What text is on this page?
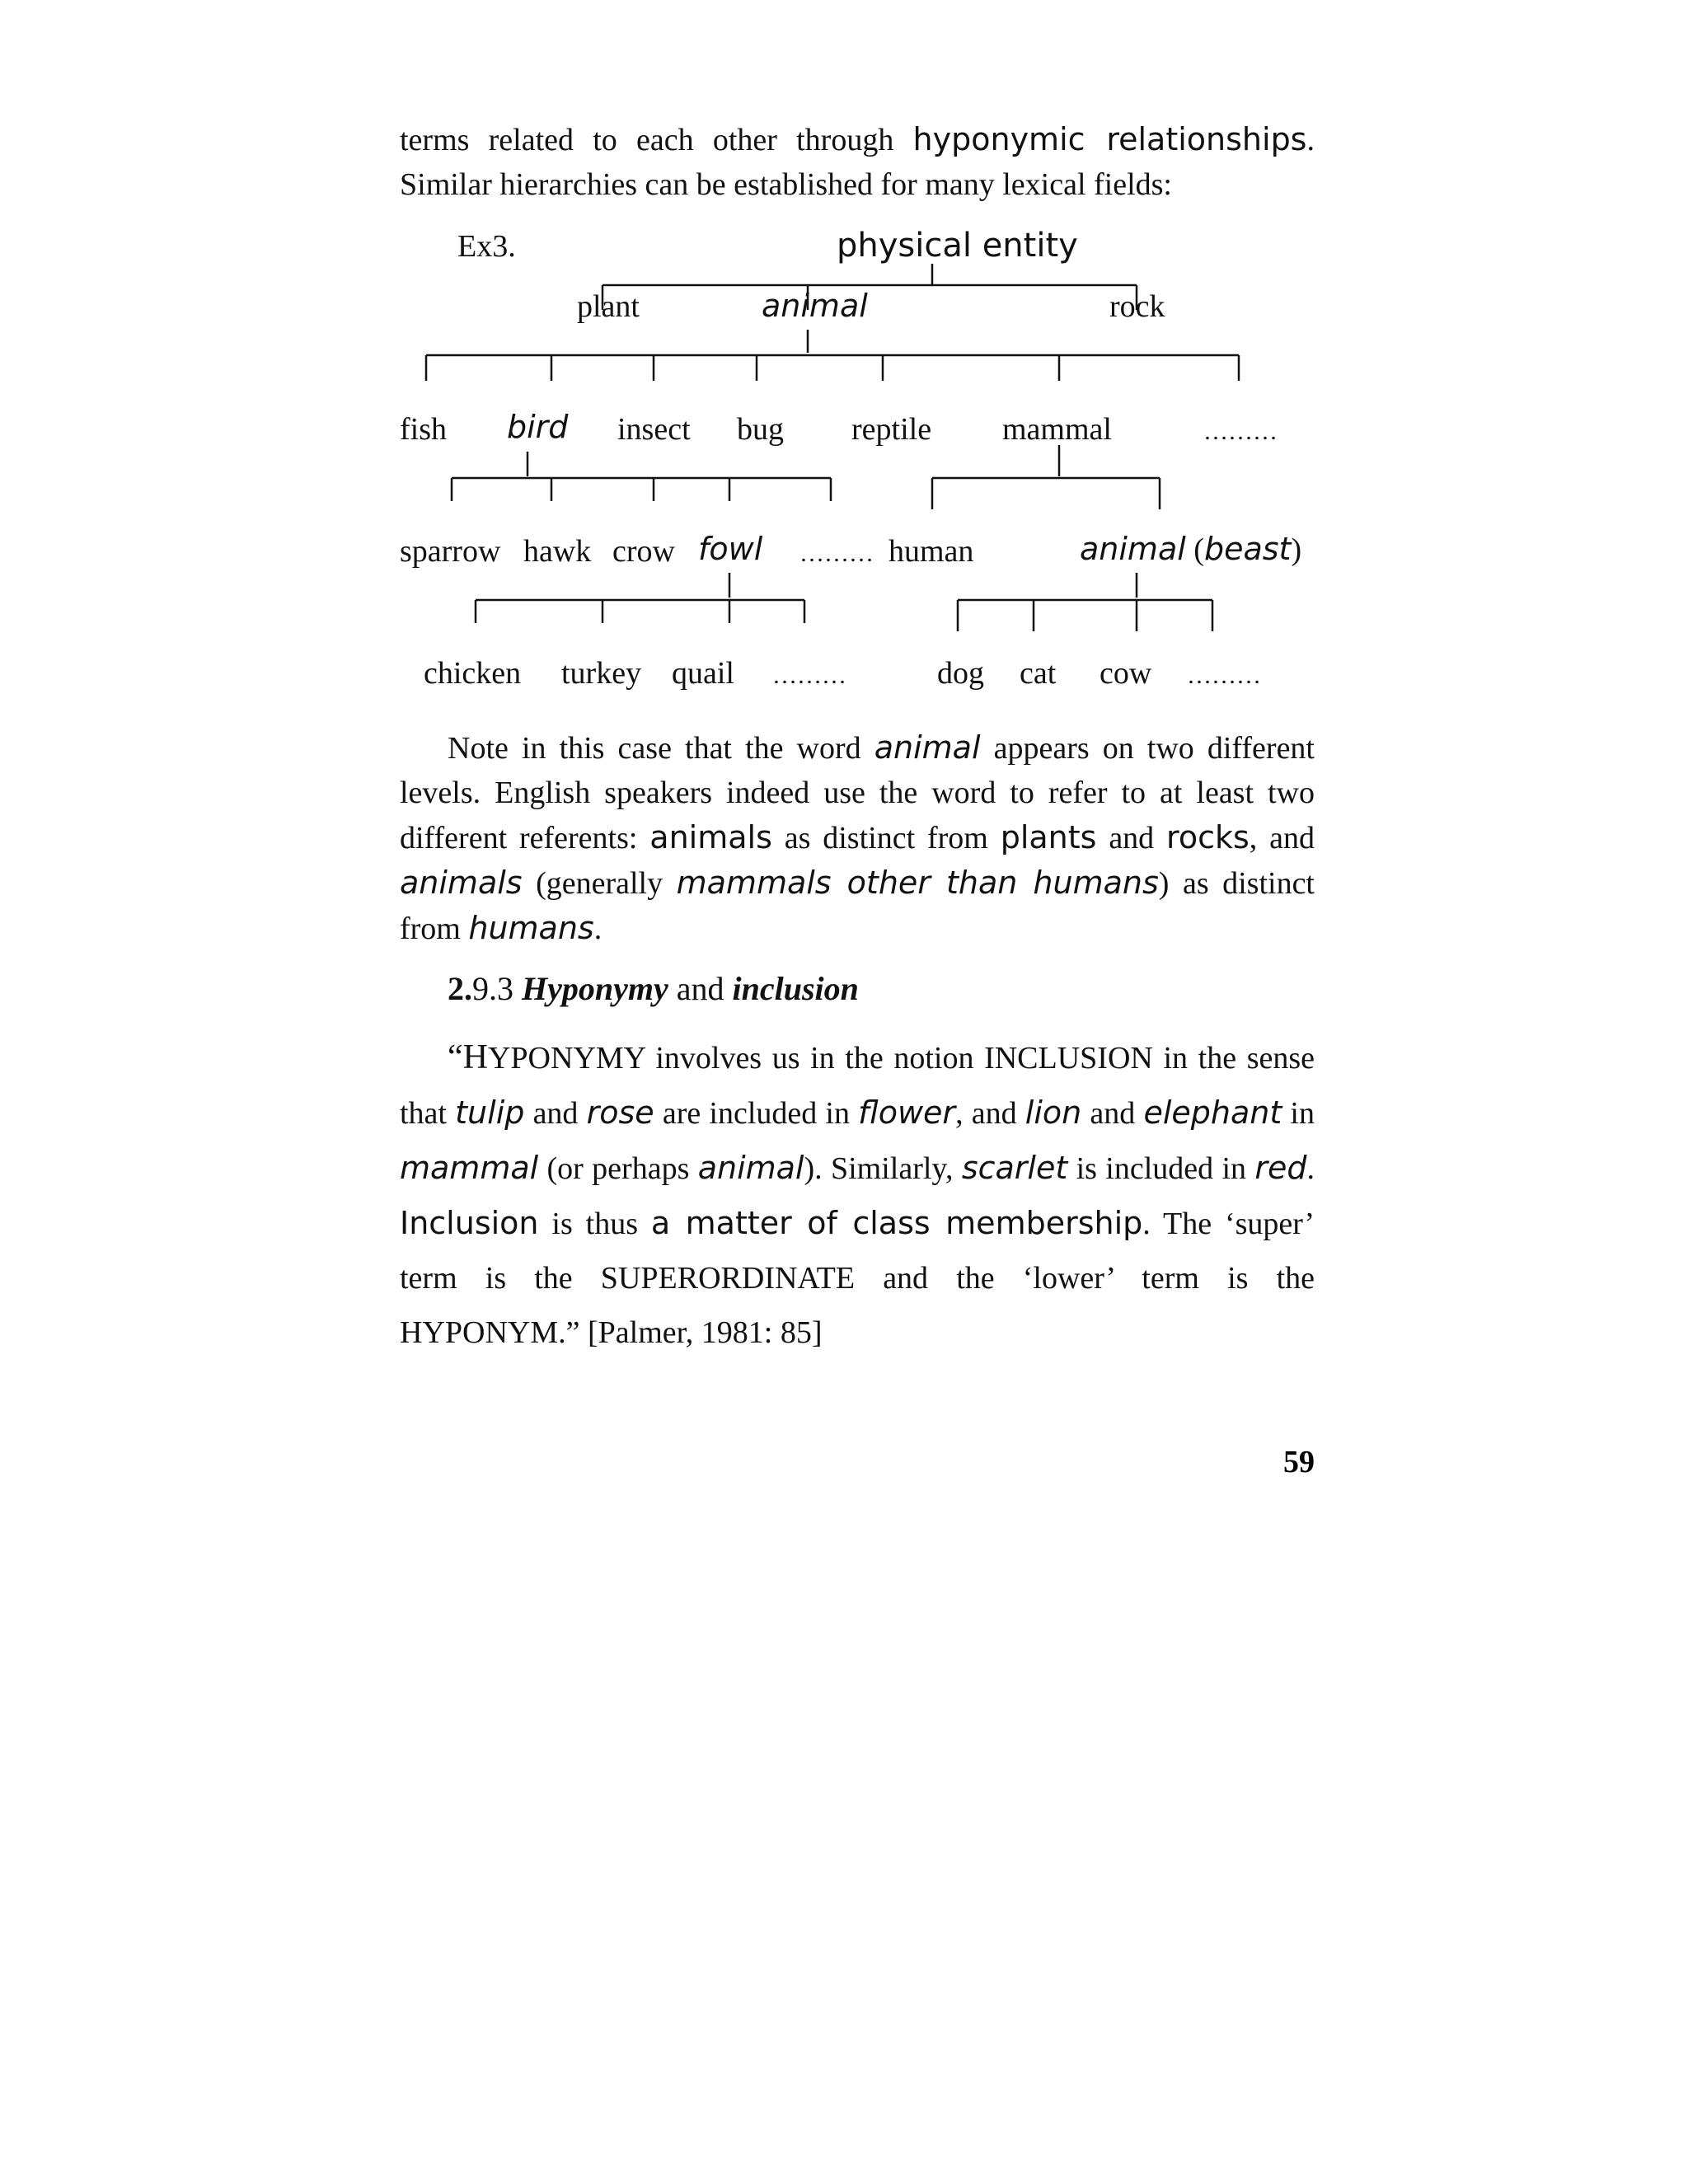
terms related to each other through hyponymic relationships. Similar hierarchies can be established for many lexical fields:
Ex3.	physical entity
plant	animal	rock
fish bird insect bug reptile mammal	………
sparrow hawk crow fowl ……… human	animal (beast)
chicken turkey quail ………	dog cat cow ………
Note in this case that the word animal appears on two different levels. English speakers indeed use the word to refer to at least two different referents: animals as distinct from plants and rocks, and animals (generally mammals other than humans) as distinct from humans.
2.9.3 Hyponymy and inclusion
“HYPONYMY involves us in the notion INCLUSION in the sense that tulip and rose are included in flower, and lion and elephant in mammal (or perhaps animal). Similarly, scarlet is included in red. Inclusion is thus a matter of class membership. The ‘super’ term is the SUPERORDINATE and the ‘lower’ term is the HYPONYM.” [Palmer, 1981: 85]
59
